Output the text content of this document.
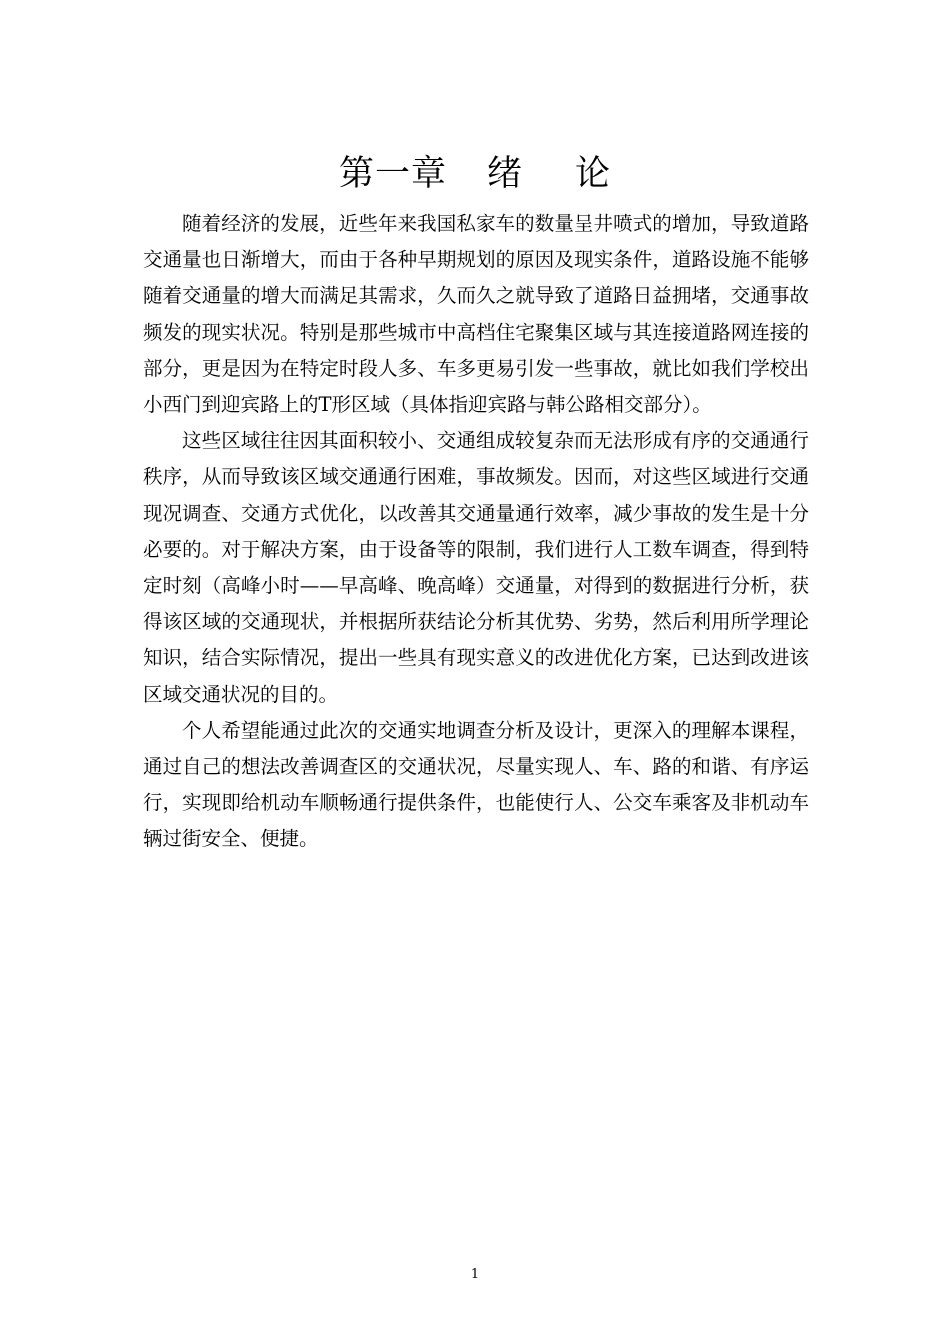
第一章 绪 论

随着经济的发展，近些年来我国私家车的数量呈井喷式的增加，导致道路交通量也日渐增大，而由于各种早期规划的原因及现实条件，道路设施不能够随着交通量的增大而满足其需求，久而久之就导致了道路日益拥堵，交通事故频发的现实状况。特别是那些城市中高档住宅聚集区域与其连接道路网连接的部分，更是因为在特定时段人多、车多更易引发一些事故，就比如我们学校出小西门到迎宾路上的T形区域（具体指迎宾路与韩公路相交部分）。

这些区域往往因其面积较小、交通组成较复杂而无法形成有序的交通通行秩序，从而导致该区域交通通行困难，事故频发。因而，对这些区域进行交通现况调查、交通方式优化，以改善其交通量通行效率，减少事故的发生是十分必要的。对于解决方案，由于设备等的限制，我们进行人工数车调查，得到特定时刻（高峰小时——早高峰、晚高峰）交通量，对得到的数据进行分析，获得该区域的交通现状，并根据所获结论分析其优势、劣势，然后利用所学理论知识，结合实际情况，提出一些具有现实意义的改进优化方案，已达到改进该区域交通状况的目的。

个人希望能通过此次的交通实地调查分析及设计，更深入的理解本课程，通过自己的想法改善调查区的交通状况，尽量实现人、车、路的和谐、有序运行，实现即给机动车顺畅通行提供条件，也能使行人、公交车乘客及非机动车辆过街安全、便捷。

1
